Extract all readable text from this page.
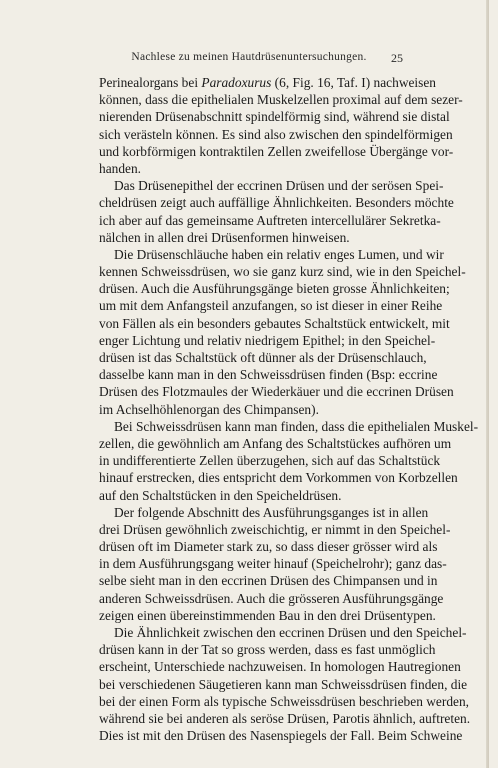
Nachlese zu meinen Hautdrüsenuntersuchungen.	25
Perinealorgans bei Paradoxurus (6, Fig. 16, Taf. I) nachweisen
können, dass die epithelialen Muskelzellen proximal auf dem sezer-
nierenden Drüsenabschnitt spindelförmig sind, während sie distal
sich verästeln können. Es sind also zwischen den spindelförmigen
und korbförmigen kontraktilen Zellen zweifellose Übergänge vor-
handen.
Das Drüsenepithel der eccrinen Drüsen und der serösen Spei-
cheldrüsen zeigt auch auffällige Ähnlichkeiten. Besonders möchte
ich aber auf das gemeinsame Auftreten intercellulärer Sekretka-
nälchen in allen drei Drüsenformen hinweisen.
Die Drüsenschläuche haben ein relativ enges Lumen, und wir
kennen Schweissdrüsen, wo sie ganz kurz sind, wie in den Speichel-
drüsen. Auch die Ausführungsgänge bieten grosse Ähnlichkeiten;
um mit dem Anfangsteil anzufangen, so ist dieser in einer Reihe
von Fällen als ein besonders gebautes Schaltstück entwickelt, mit
enger Lichtung und relativ niedrigem Epithel; in den Speichel-
drüsen ist das Schaltstück oft dünner als der Drüsenschlauch,
dasselbe kann man in den Schweissdrüsen finden (Bsp: eccrine
Drüsen des Flotzmaules der Wiederkäuer und die eccrinen Drüsen
im Achselhöhlenorgan des Chimpansen).
Bei Schweissdrüsen kann man finden, dass die epithelialen Muskel-
zellen, die gewöhnlich am Anfang des Schaltstückes aufhören um
in undifferentierte Zellen überzugehen, sich auf das Schaltstück
hinauf erstrecken, dies entspricht dem Vorkommen von Korbzellen
auf den Schaltstücken in den Speicheldrüsen.
Der folgende Abschnitt des Ausführungsganges ist in allen
drei Drüsen gewöhnlich zweischichtig, er nimmt in den Speichel-
drüsen oft im Diameter stark zu, so dass dieser grösser wird als
in dem Ausführungsgang weiter hinauf (Speichelrohr); ganz das-
selbe sieht man in den eccrinen Drüsen des Chimpansen und in
anderen Schweissdrüsen. Auch die grösseren Ausführungsgänge
zeigen einen übereinstimmenden Bau in den drei Drüsentypen.
Die Ähnlichkeit zwischen den eccrinen Drüsen und den Speichel-
drüsen kann in der Tat so gross werden, dass es fast unmöglich
erscheint, Unterschiede nachzuweisen. In homologen Hautregionen
bei verschiedenen Säugetieren kann man Schweissdrüsen finden, die
bei der einen Form als typische Schweissdrüsen beschrieben werden,
während sie bei anderen als seröse Drüsen, Parotis ähnlich, auftreten.
Dies ist mit den Drüsen des Nasenspiegels der Fall. Beim Schweine
